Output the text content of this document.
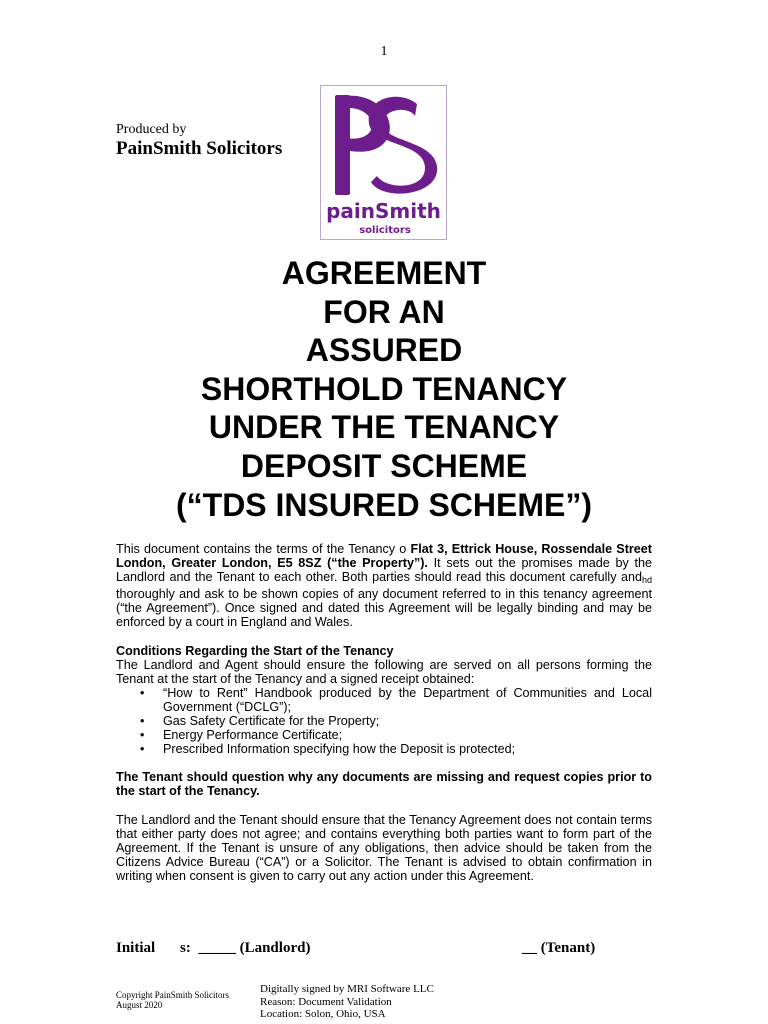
1
Produced by
PainSmith Solicitors
painSmith
solicitors
AGREEMENT
FOR AN
ASSURED
SHORTHOLD TENANCY
UNDER THE TENANCY
DEPOSIT SCHEME
(“TDS INSURED SCHEME”)

This document contains the terms of the Tenancy o Flat 3, Ettrick House, Rossendale Street London, Greater London, E5 8SZ (“the Property”). It sets out the promises made by the Landlord and the Tenant to each other. Both parties should read this document carefully andhd thoroughly and ask to be shown copies of any document referred to in this tenancy agreement (“the Agreement”). Once signed and dated this Agreement will be legally binding and may be enforced by a court in England and Wales.

Conditions Regarding the Start of the Tenancy

The Landlord and Agent should ensure the following are served on all persons forming the Tenant at the start of the Tenancy and a signed receipt obtained:

• “How to Rent” Handbook produced by the Department of Communities and Local Government (“DCLG”);
• Gas Safety Certificate for the Property;
• Energy Performance Certificate;
• Prescribed Information specifying how the Deposit is protected;

The Tenant should question why any documents are missing and request copies prior to the start of the Tenancy.

The Landlord and the Tenant should ensure that the Tenancy Agreement does not contain terms that either party does not agree; and contains everything both parties want to form part of the Agreement. If the Tenant is unsure of any obligations, then advice should be taken from the Citizens Advice Bureau (“CA”) or a Solicitor. The Tenant is advised to obtain confirmation in writing when consent is given to carry out any action under this Agreement.

Initial s: _____ (Landlord)	__ (Tenant)
Copyright PainSmith Solicitors
August 2020
Digitally signed by MRI Software LLC
Reason: Document Validation
Location: Solon, Ohio, USA
